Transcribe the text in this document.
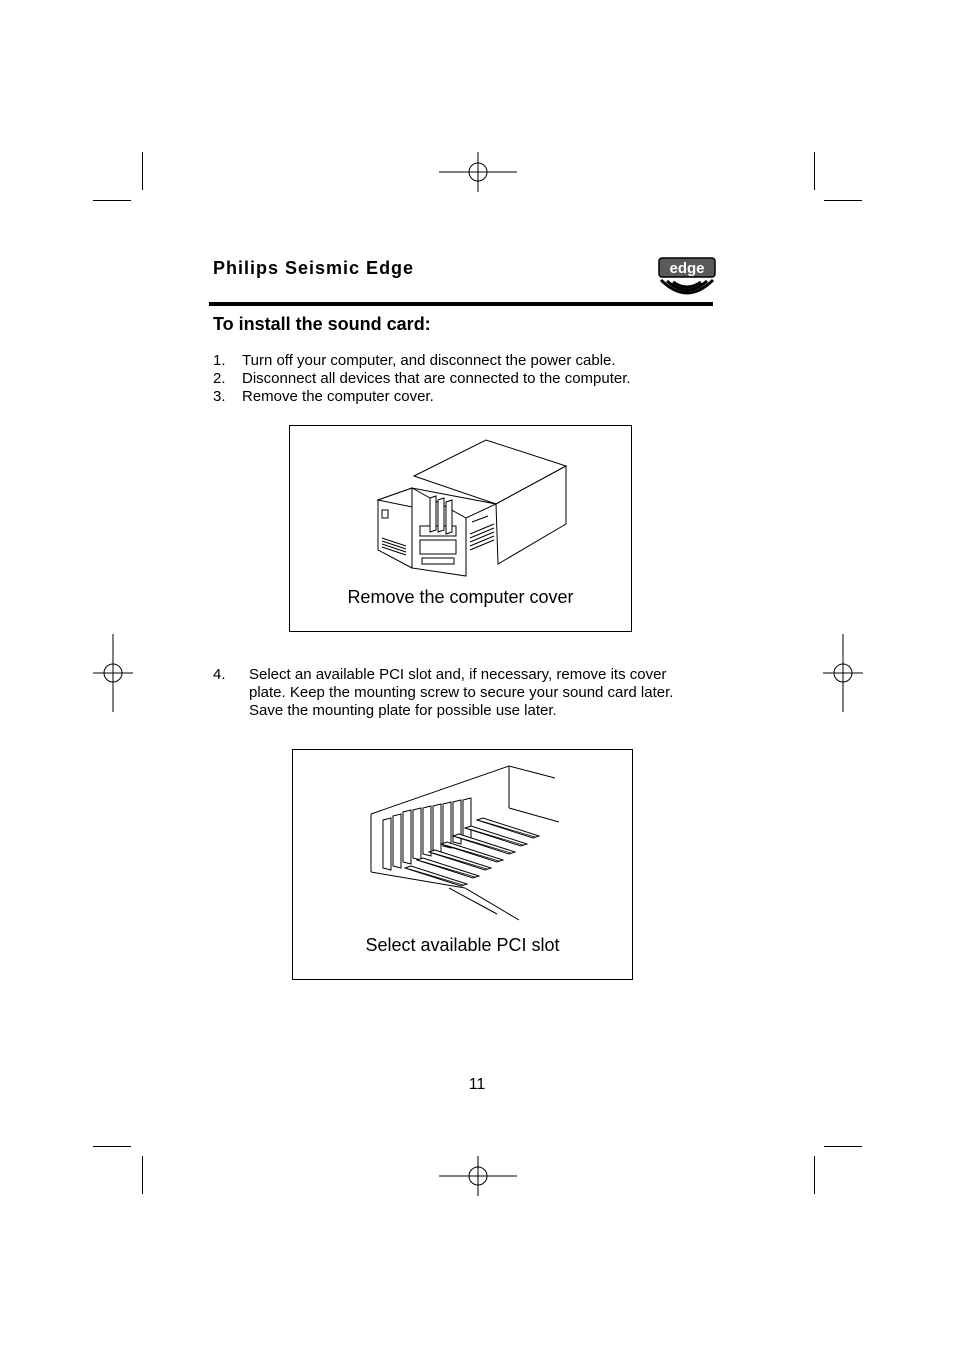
Philips Seismic Edge	edge
To install the sound card:
1.	Turn off your computer, and disconnect the power cable.
2.	Disconnect all devices that are connected to the computer.
3.	Remove the computer cover.
Remove the computer cover
4.	Select an available PCI slot and, if necessary, remove its cover plate. Keep the mounting screw to secure your sound card later. Save the mounting plate for possible use later.
Select available PCI slot
11
